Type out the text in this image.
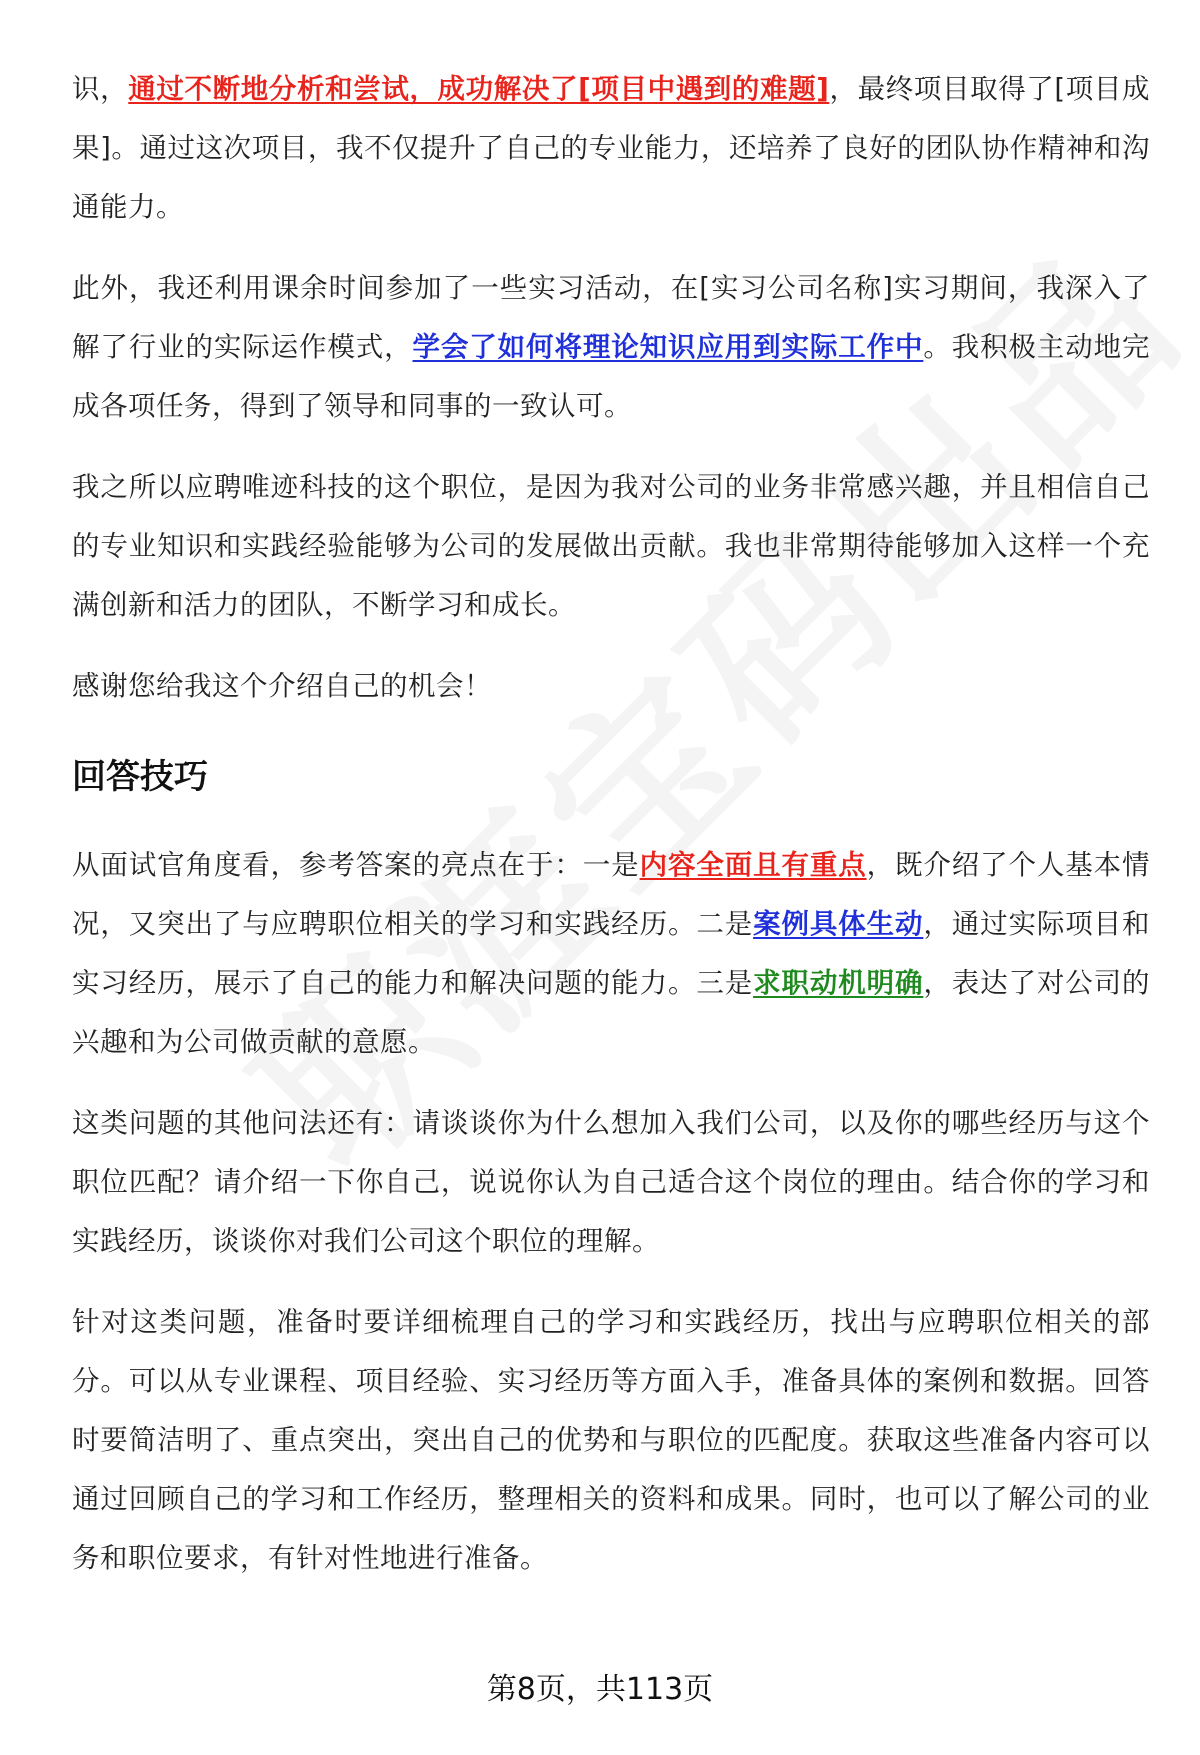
识，通过不断地分析和尝试，成功解决了[项目中遇到的难题]，最终项目取得了[项目成果]。通过这次项目，我不仅提升了自己的专业能力，还培养了良好的团队协作精神和沟通能力。

此外，我还利用课余时间参加了一些实习活动，在[实习公司名称]实习期间，我深入了解了行业的实际运作模式，学会了如何将理论知识应用到实际工作中。我积极主动地完成各项任务，得到了领导和同事的一致认可。

我之所以应聘唯迹科技的这个职位，是因为我对公司的业务非常感兴趣，并且相信自己的专业知识和实践经验能够为公司的发展做出贡献。我也非常期待能够加入这样一个充满创新和活力的团队，不断学习和成长。

感谢您给我这个介绍自己的机会！

回答技巧

从面试官角度看，参考答案的亮点在于：一是内容全面且有重点，既介绍了个人基本情况，又突出了与应聘职位相关的学习和实践经历。二是案例具体生动，通过实际项目和实习经历，展示了自己的能力和解决问题的能力。三是求职动机明确，表达了对公司的兴趣和为公司做贡献的意愿。

这类问题的其他问法还有：请谈谈你为什么想加入我们公司，以及你的哪些经历与这个职位匹配？请介绍一下你自己，说说你认为自己适合这个岗位的理由。结合你的学习和实践经历，谈谈你对我们公司这个职位的理解。

针对这类问题，准备时要详细梳理自己的学习和实践经历，找出与应聘职位相关的部分。可以从专业课程、项目经验、实习经历等方面入手，准备具体的案例和数据。回答时要简洁明了、重点突出，突出自己的优势和与职位的匹配度。获取这些准备内容可以通过回顾自己的学习和工作经历，整理相关的资料和成果。同时，也可以了解公司的业务和职位要求，有针对性地进行准备。

第8页，共113页
